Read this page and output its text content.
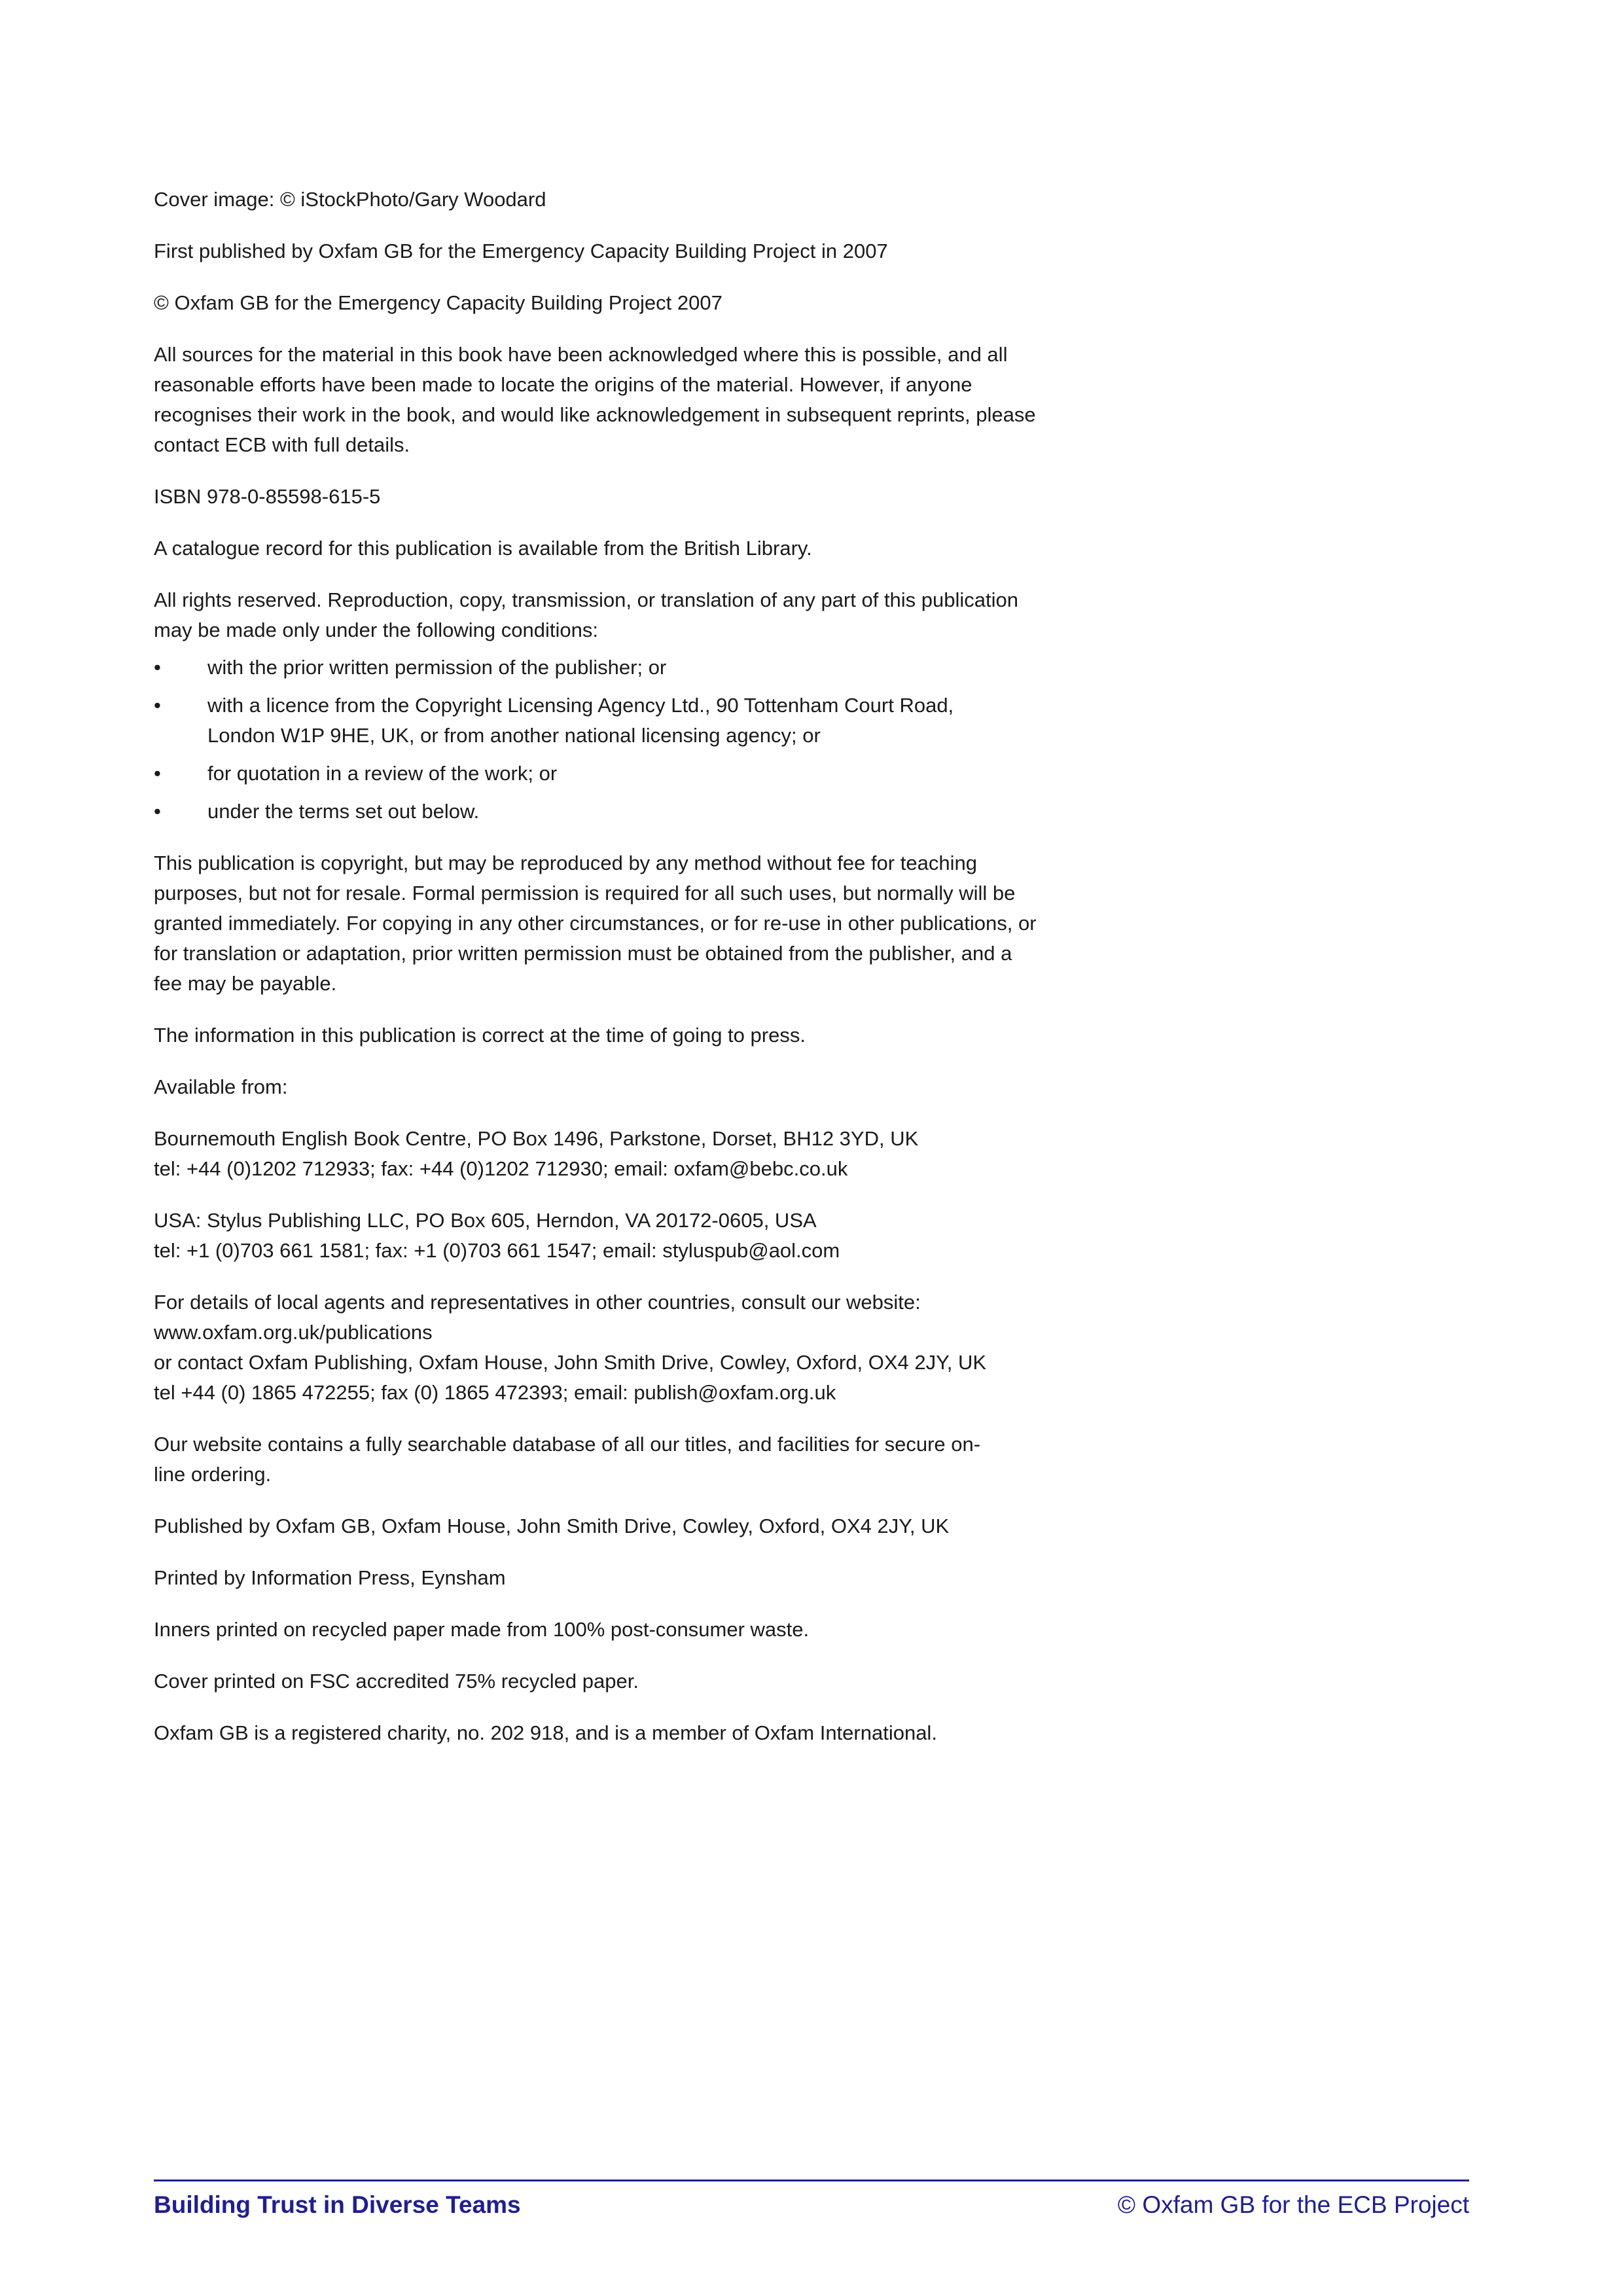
Cover image: © iStockPhoto/Gary Woodard

First published by Oxfam GB for the Emergency Capacity Building Project in 2007

© Oxfam GB for the Emergency Capacity Building Project 2007

All sources for the material in this book have been acknowledged where this is possible, and all reasonable efforts have been made to locate the origins of the material. However, if anyone recognises their work in the book, and would like acknowledgement in subsequent reprints, please contact ECB with full details.

ISBN 978-0-85598-615-5

A catalogue record for this publication is available from the British Library.

All rights reserved. Reproduction, copy, transmission, or translation of any part of this publication may be made only under the following conditions:

• with the prior written permission of the publisher; or
• with a licence from the Copyright Licensing Agency Ltd., 90 Tottenham Court Road,
London W1P 9HE, UK, or from another national licensing agency; or
• for quotation in a review of the work; or
• under the terms set out below.

This publication is copyright, but may be reproduced by any method without fee for teaching purposes, but not for resale. Formal permission is required for all such uses, but normally will be granted immediately. For copying in any other circumstances, or for re-use in other publications, or for translation or adaptation, prior written permission must be obtained from the publisher, and a fee may be payable.

The information in this publication is correct at the time of going to press.

Available from:

Bournemouth English Book Centre, PO Box 1496, Parkstone, Dorset, BH12 3YD, UK
tel: +44 (0)1202 712933; fax: +44 (0)1202 712930; email: oxfam@bebc.co.uk

USA: Stylus Publishing LLC, PO Box 605, Herndon, VA 20172-0605, USA
tel: +1 (0)703 661 1581; fax: +1 (0)703 661 1547; email: styluspub@aol.com

For details of local agents and representatives in other countries, consult our website:
www.oxfam.org.uk/publications
or contact Oxfam Publishing, Oxfam House, John Smith Drive, Cowley, Oxford, OX4 2JY, UK
tel +44 (0) 1865 472255; fax (0) 1865 472393; email: publish@oxfam.org.uk

Our website contains a fully searchable database of all our titles, and facilities for secure on-
line ordering.

Published by Oxfam GB, Oxfam House, John Smith Drive, Cowley, Oxford, OX4 2JY, UK

Printed by Information Press, Eynsham

Inners printed on recycled paper made from 100% post-consumer waste.

Cover printed on FSC accredited 75% recycled paper.

Oxfam GB is a registered charity, no. 202 918, and is a member of Oxfam International.

Building Trust in Diverse Teams	© Oxfam GB for the ECB Project
